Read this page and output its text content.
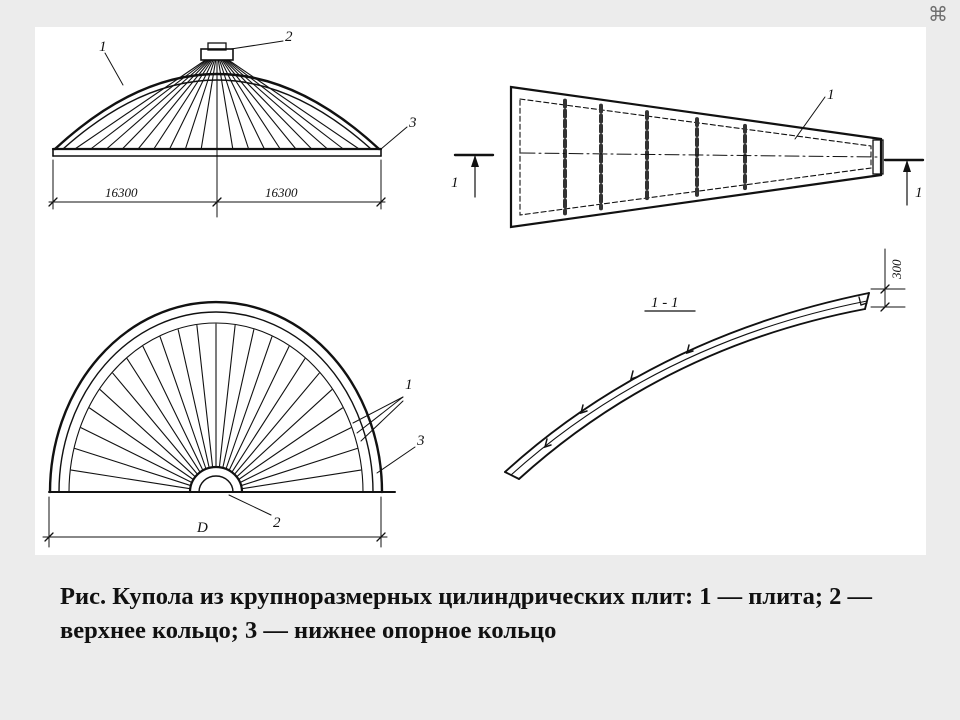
⌘
1
2
3
16300	16300
1
3
2
D
1
1
1
1 - 1
300
Рис. Купола из крупноразмерных цилиндрических плит: 1 — плита; 2 — верхнее кольцо; 3 — нижнее опорное кольцо
